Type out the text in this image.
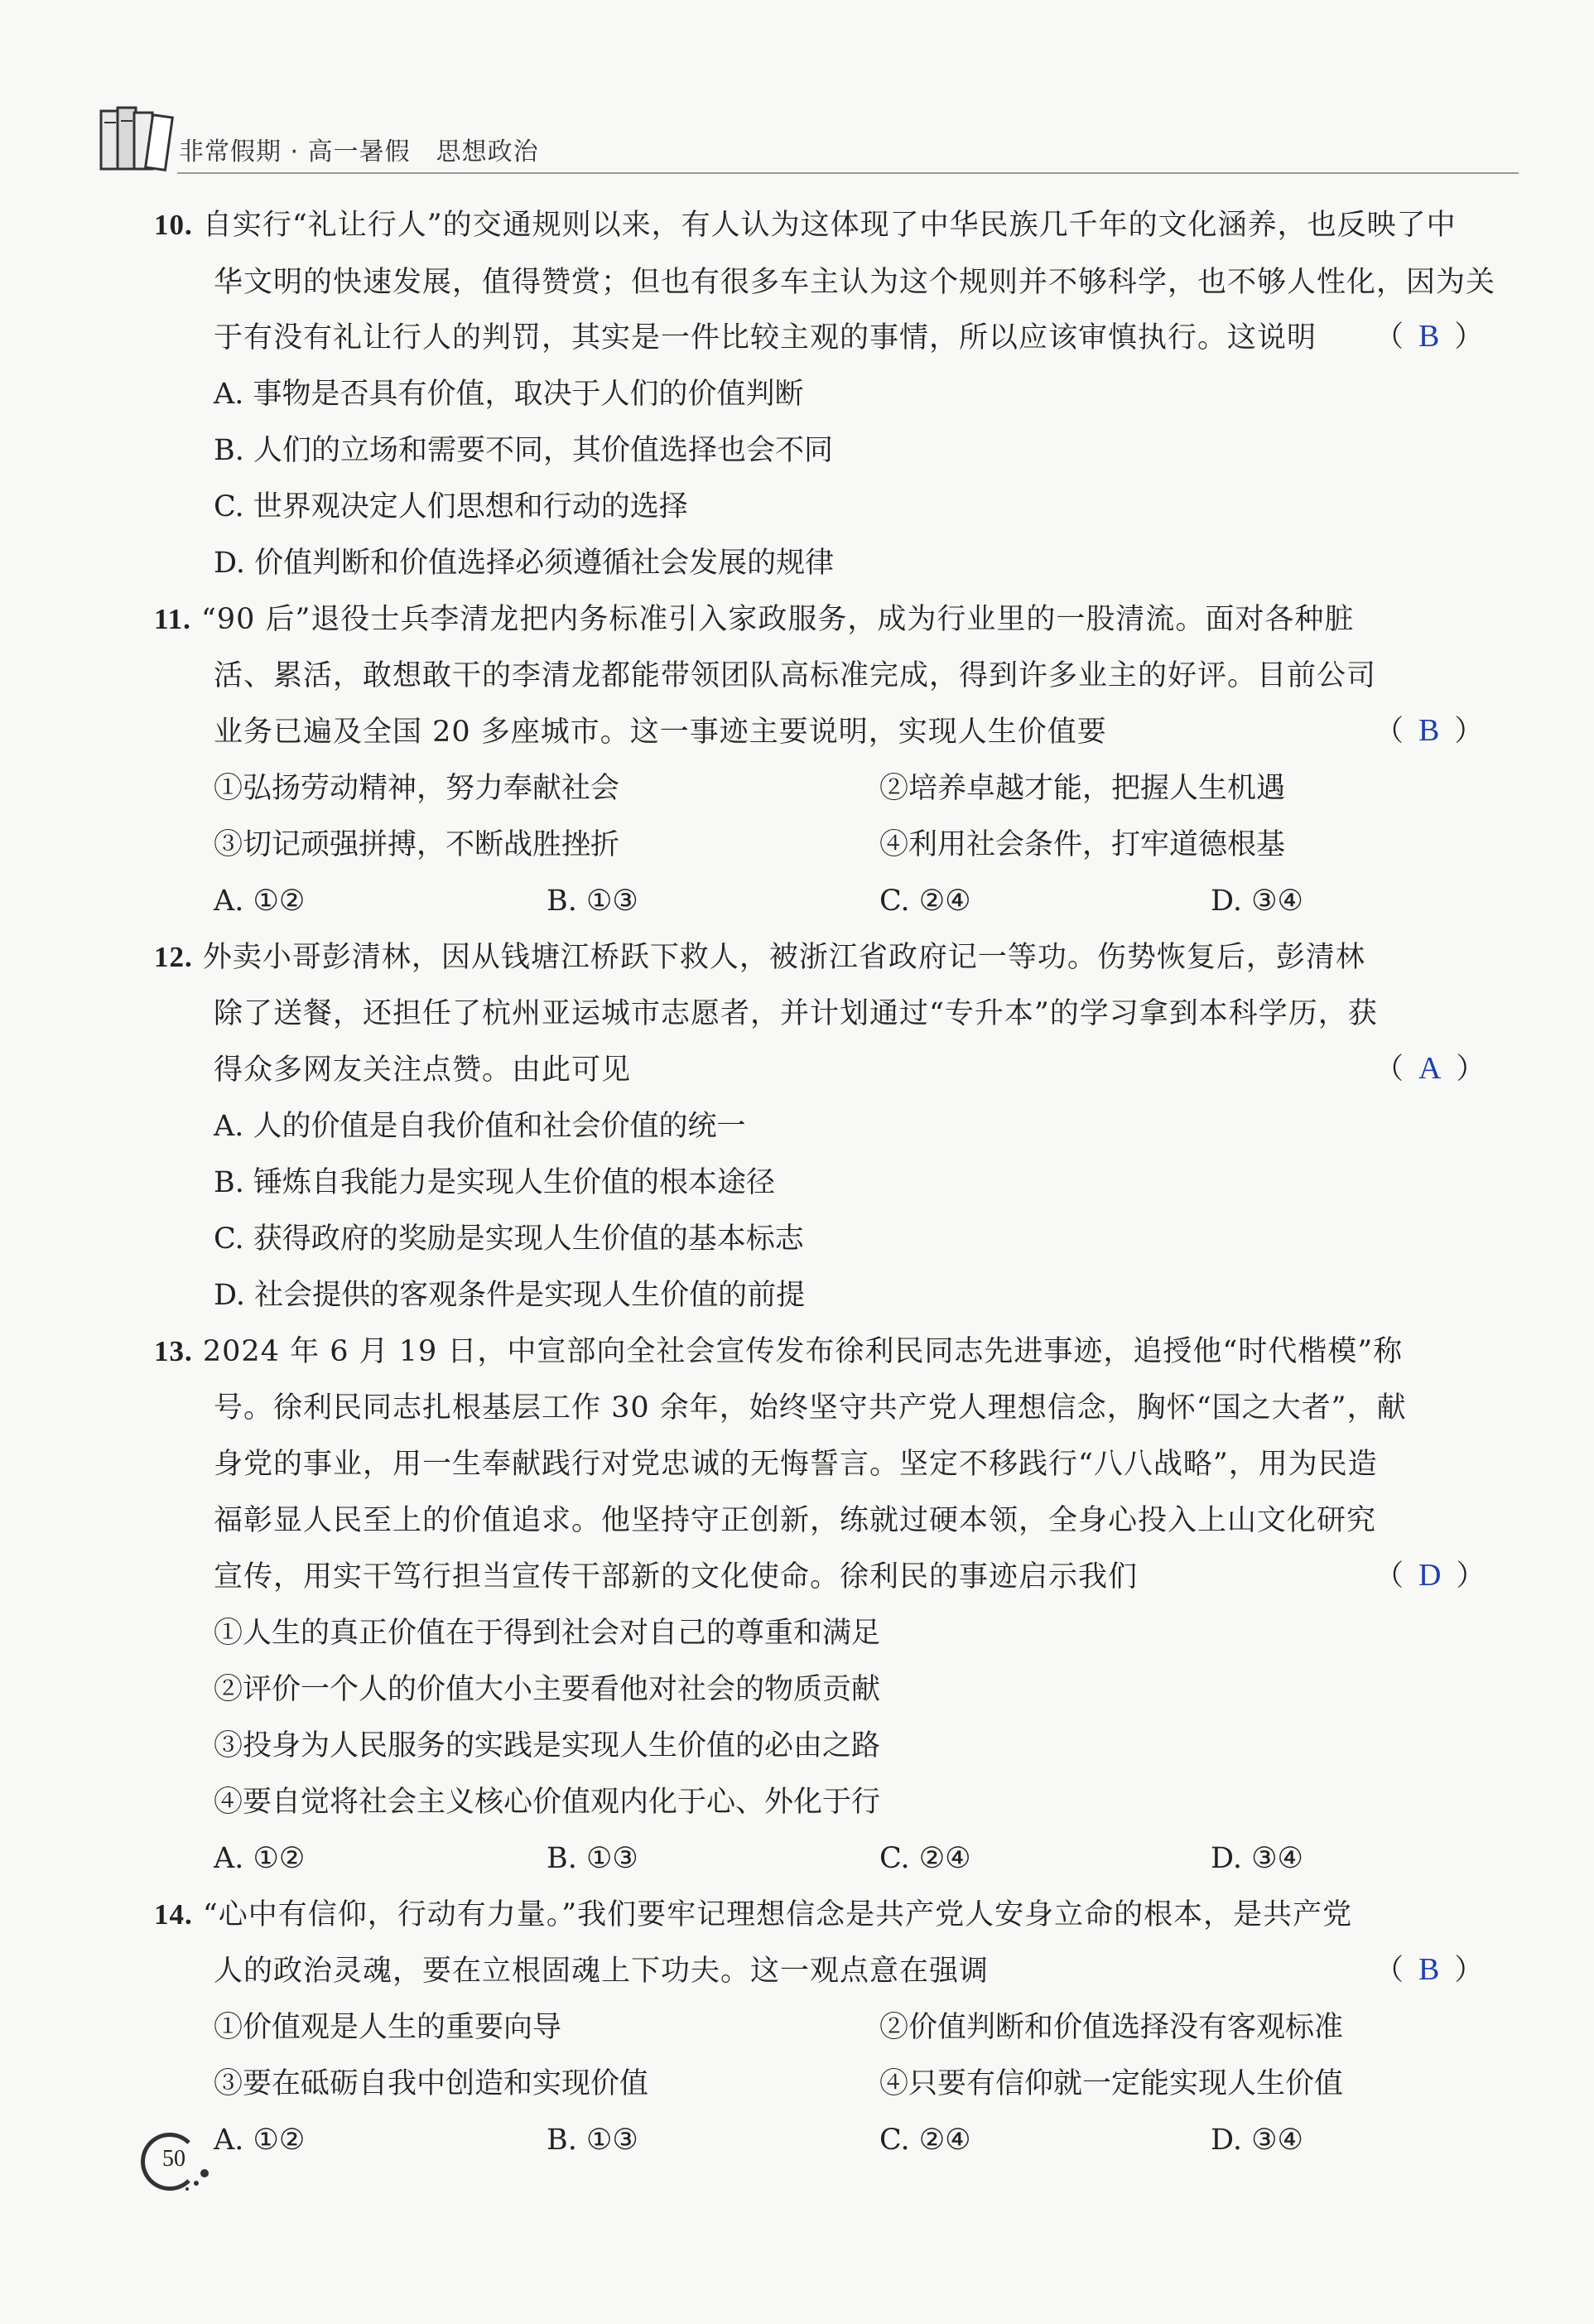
非常假期 · 高一暑假　思想政治
10. 自实行“礼让行人”的交通规则以来，有人认为这体现了中华民族几千年的文化涵养，也反映了中
华文明的快速发展，值得赞赏；但也有很多车主认为这个规则并不够科学，也不够人性化，因为关
于有没有礼让行人的判罚，其实是一件比较主观的事情，所以应该审慎执行。这说明 （ B ）
A. 事物是否具有价值，取决于人们的价值判断
B. 人们的立场和需要不同，其价值选择也会不同
C. 世界观决定人们思想和行动的选择
D. 价值判断和价值选择必须遵循社会发展的规律
11. “90 后”退役士兵李清龙把内务标准引入家政服务，成为行业里的一股清流。面对各种脏
活、累活，敢想敢干的李清龙都能带领团队高标准完成，得到许多业主的好评。目前公司
业务已遍及全国 20 多座城市。这一事迹主要说明，实现人生价值要	（ B ）
①弘扬劳动精神，努力奉献社会	②培养卓越才能，把握人生机遇
③切记顽强拼搏，不断战胜挫折	④利用社会条件，打牢道德根基
A. ①②	B. ①③	C. ②④	D. ③④
12. 外卖小哥彭清林，因从钱塘江桥跃下救人，被浙江省政府记一等功。伤势恢复后，彭清林
除了送餐，还担任了杭州亚运城市志愿者，并计划通过“专升本”的学习拿到本科学历，获
得众多网友关注点赞。由此可见	（ A ）
A. 人的价值是自我价值和社会价值的统一
B. 锤炼自我能力是实现人生价值的根本途径
C. 获得政府的奖励是实现人生价值的基本标志
D. 社会提供的客观条件是实现人生价值的前提
13. 2024 年 6 月 19 日，中宣部向全社会宣传发布徐利民同志先进事迹，追授他“时代楷模”称
号。徐利民同志扎根基层工作 30 余年，始终坚守共产党人理想信念，胸怀“国之大者”，献
身党的事业，用一生奉献践行对党忠诚的无悔誓言。坚定不移践行“八八战略”，用为民造
福彰显人民至上的价值追求。他坚持守正创新，练就过硬本领，全身心投入上山文化研究
宣传，用实干笃行担当宣传干部新的文化使命。徐利民的事迹启示我们	（ D ）
①人生的真正价值在于得到社会对自己的尊重和满足
②评价一个人的价值大小主要看他对社会的物质贡献
③投身为人民服务的实践是实现人生价值的必由之路
④要自觉将社会主义核心价值观内化于心、外化于行
A. ①②	B. ①③	C. ②④	D. ③④
14. “心中有信仰，行动有力量。”我们要牢记理想信念是共产党人安身立命的根本，是共产党
人的政治灵魂，要在立根固魂上下功夫。这一观点意在强调	（ B ）
①价值观是人生的重要向导	②价值判断和价值选择没有客观标准
③要在砥砺自我中创造和实现价值	④只要有信仰就一定能实现人生价值
A. ①②	B. ①③	C. ②④	D. ③④
50
